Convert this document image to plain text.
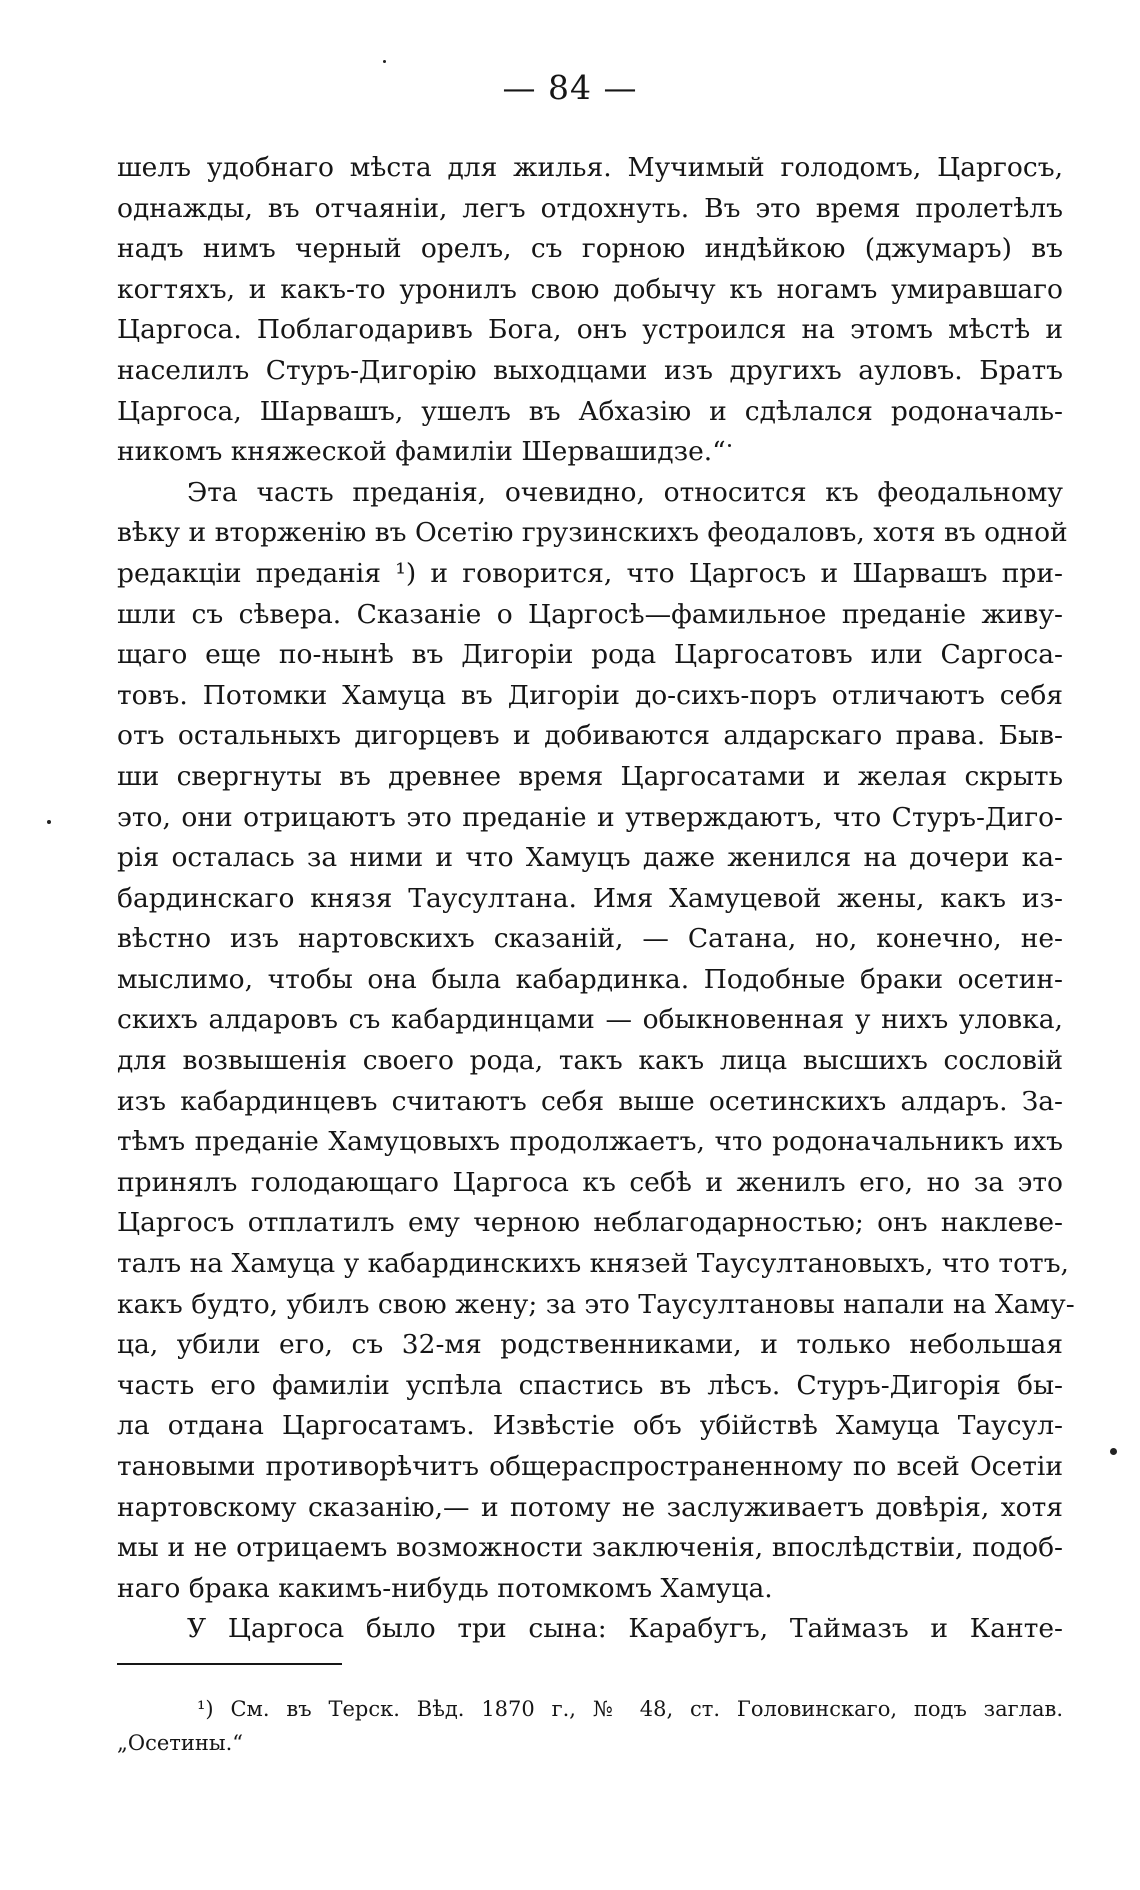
— 84 —
шелъ удобнаго мѣста для жилья. Мучимый голодомъ, Царгосъ,
однажды, въ отчаяніи, легъ отдохнуть. Въ это время пролетѣлъ
надъ нимъ черный орелъ, съ горною индѣйкою (джумаръ) въ
когтяхъ, и какъ-то уронилъ свою добычу къ ногамъ умиравшаго
Царгоса. Поблагодаривъ Бога, онъ устроился на этомъ мѣстѣ и
населилъ Стуръ-Дигорію выходцами изъ другихъ ауловъ. Братъ
Царгоса, Шарвашъ, ушелъ въ Абхазію и сдѣлался родоначаль-
никомъ княжеской фамиліи Шервашидзе.“
Эта часть преданія, очевидно, относится къ феодальному
вѣку и вторженію въ Осетію грузинскихъ феодаловъ, хотя въ одной
редакціи преданія ¹) и говорится, что Царгосъ и Шарвашъ при-
шли съ сѣвера. Сказаніе о Царгосѣ—фамильное преданіе живу-
щаго еще по-нынѣ въ Дигоріи рода Царгосатовъ или Саргоса-
товъ. Потомки Хамуца въ Дигоріи до-сихъ-поръ отличаютъ себя
отъ остальныхъ дигорцевъ и добиваются алдарскаго права. Быв-
ши свергнуты въ древнее время Царгосатами и желая скрыть
это, они отрицаютъ это преданіе и утверждаютъ, что Стуръ-Диго-
рія осталась за ними и что Хамуцъ даже женился на дочери ка-
бардинскаго князя Таусултана. Имя Хамуцевой жены, какъ из-
вѣстно изъ нартовскихъ сказаній, — Сатана, но, конечно, не-
мыслимо, чтобы она была кабардинка. Подобные браки осетин-
скихъ алдаровъ съ кабардинцами — обыкновенная у нихъ уловка,
для возвышенія своего рода, такъ какъ лица высшихъ сословій
изъ кабардинцевъ считаютъ себя выше осетинскихъ алдаръ. За-
тѣмъ преданіе Хамуцовыхъ продолжаетъ, что родоначальникъ ихъ
принялъ голодающаго Царгоса къ себѣ и женилъ его, но за это
Царгосъ отплатилъ ему черною неблагодарностью; онъ наклеве-
талъ на Хамуца у кабардинскихъ князей Таусултановыхъ, что тотъ,
какъ будто, убилъ свою жену; за это Таусултановы напали на Хаму-
ца, убили его, съ 32-мя родственниками, и только небольшая
часть его фамиліи успѣла спастись въ лѣсъ. Стуръ-Дигорія бы-
ла отдана Царгосатамъ. Извѣстіе объ убійствѣ Хамуца Таусул-
тановыми противорѣчитъ общераспространенному по всей Осетіи
нартовскому сказанію,— и потому не заслуживаетъ довѣрія, хотя
мы и не отрицаемъ возможности заключенія, впослѣдствіи, подоб-
наго брака какимъ-нибудь потомкомъ Хамуца.
У Царгоса было три сына: Карабугъ, Таймазъ и Канте-
¹) См. въ Терск. Вѣд. 1870 г., № 48, ст. Головинскаго, подъ заглав.
„Осетины.“
